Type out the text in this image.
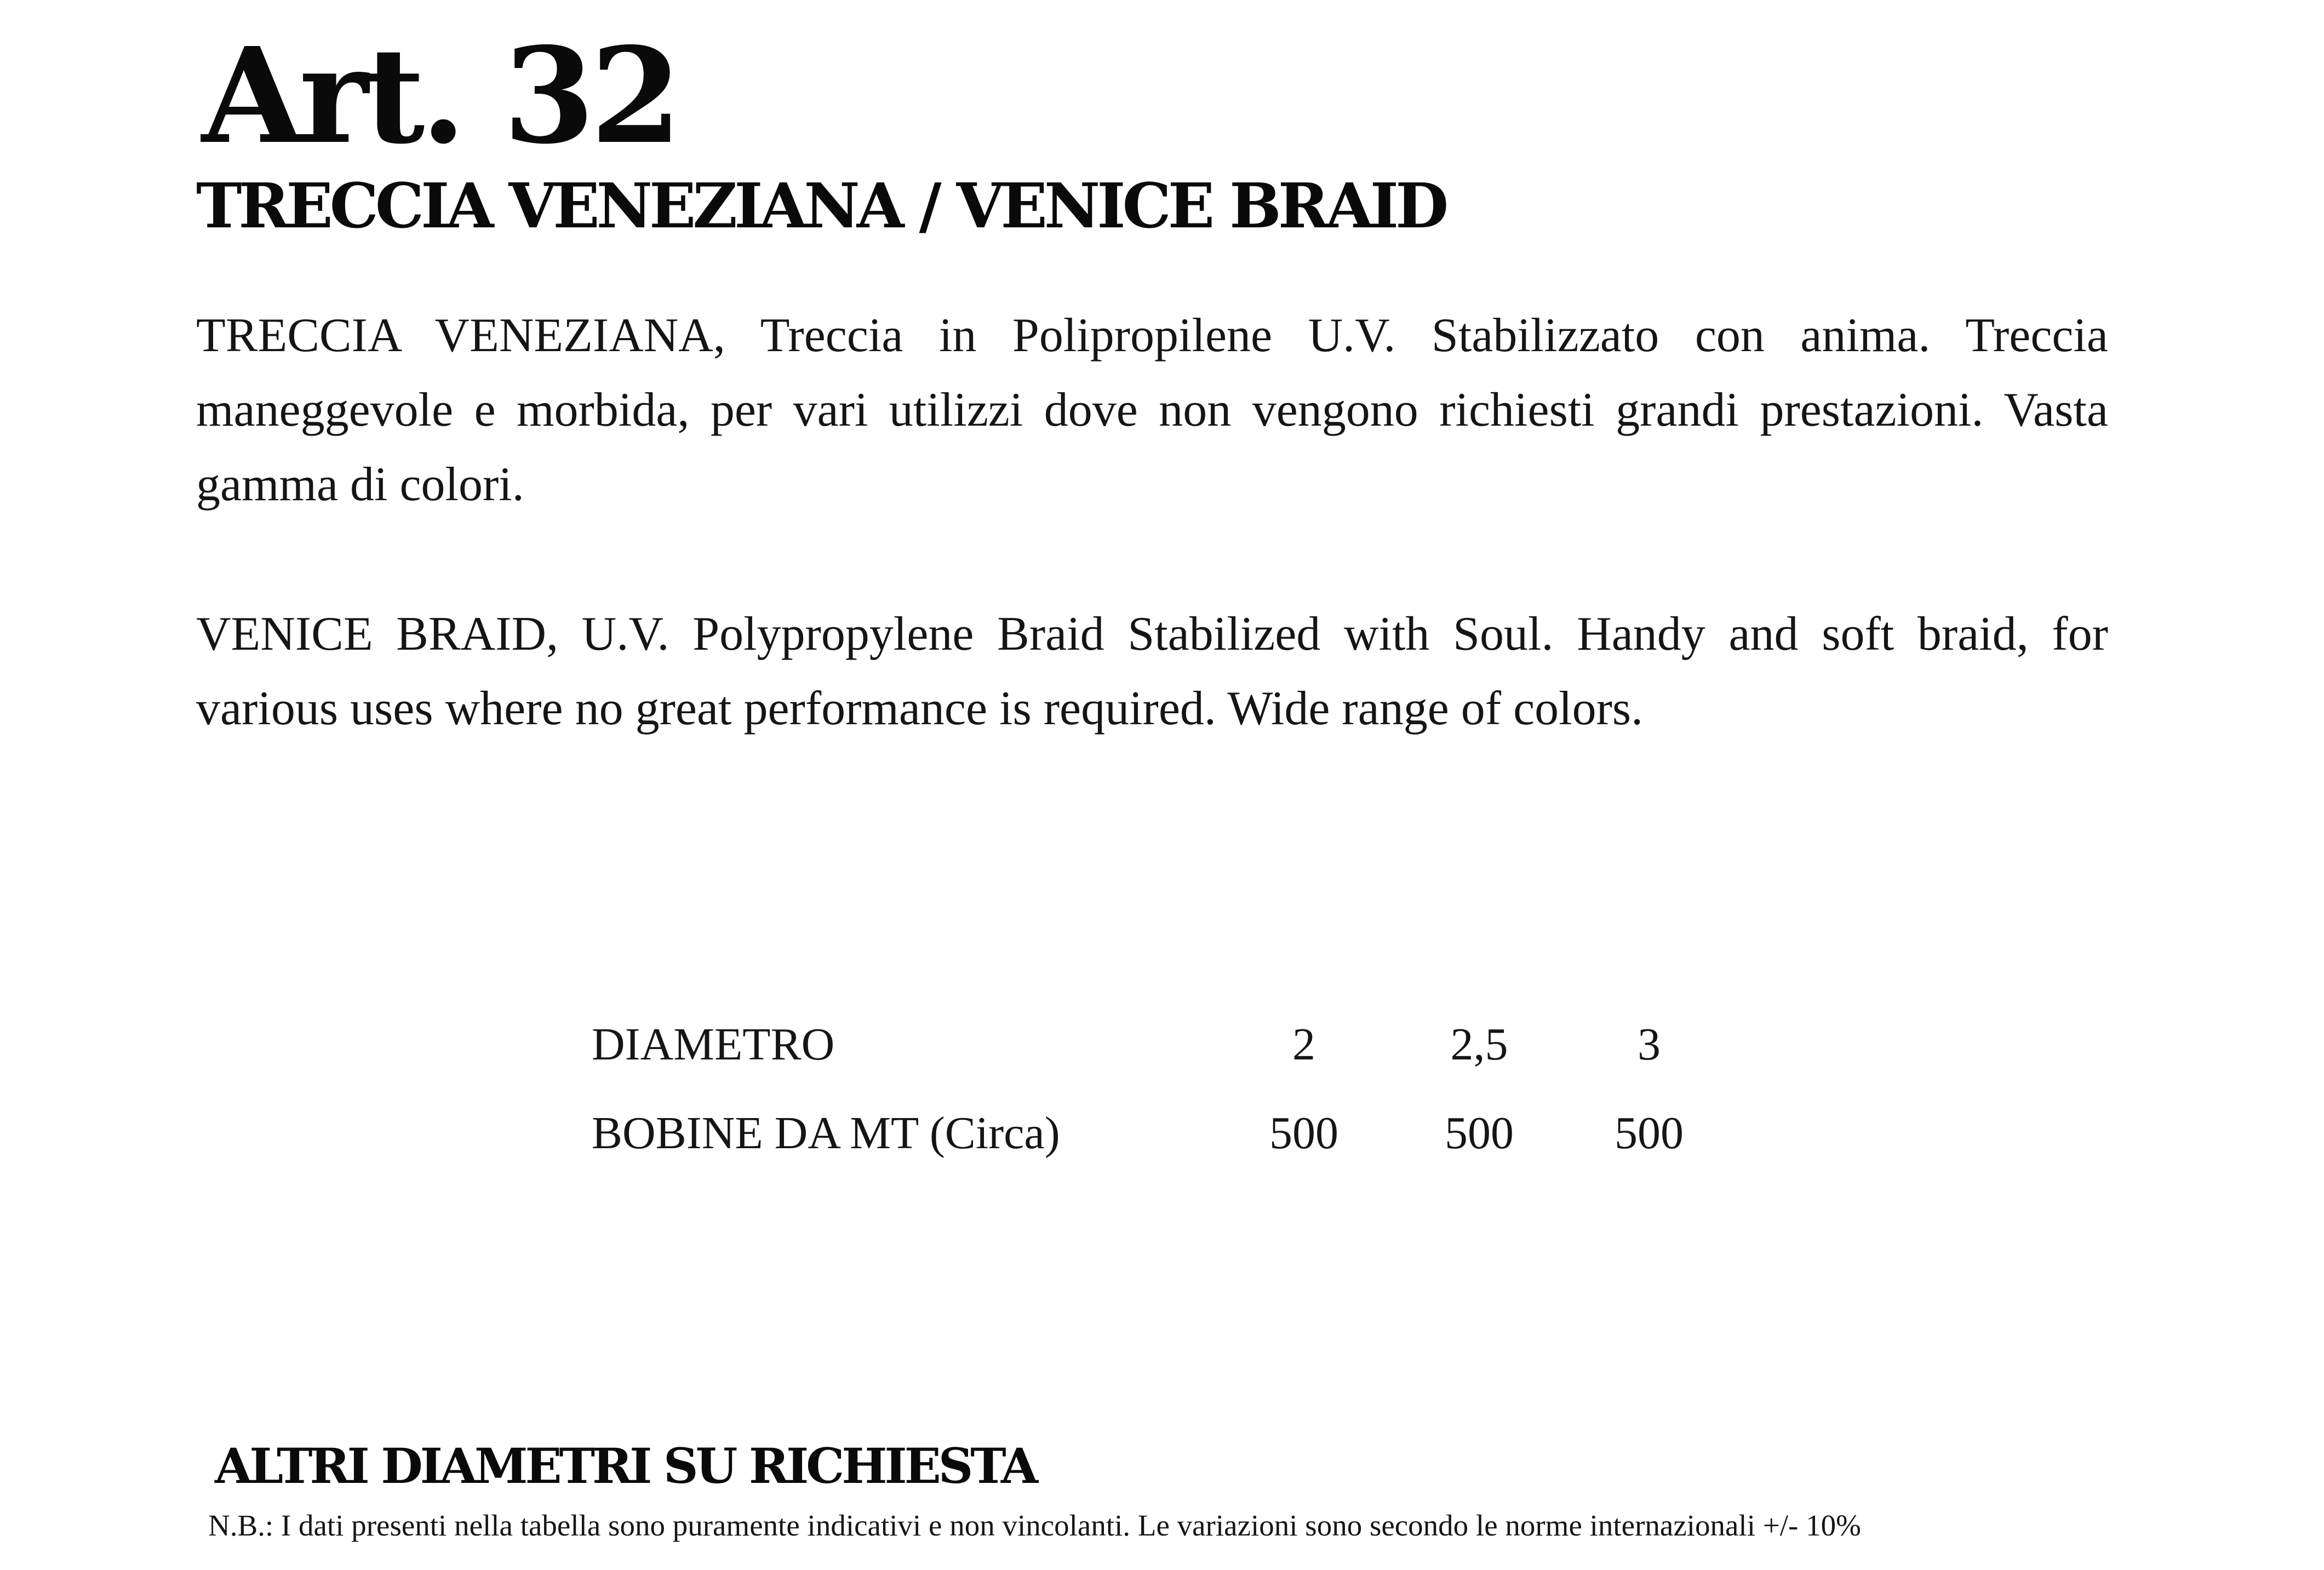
Art. 32
TRECCIA VENEZIANA / VENICE BRAID

TRECCIA VENEZIANA, Treccia in Polipropilene U.V. Stabilizzato con anima. Treccia maneggevole e morbida, per vari utilizzi dove non vengono richiesti grandi prestazioni. Vasta gamma di colori.

VENICE BRAID, U.V. Polypropylene Braid Stabilized with Soul. Handy and soft braid, for various uses where no great performance is required. Wide range of colors.

DIAMETRO	2	2,5	3
BOBINE DA MT (Circa)	500	500	500
ALTRI DIAMETRI SU RICHIESTA

N.B.: I dati presenti nella tabella sono puramente indicativi e non vincolanti. Le variazioni sono secondo le norme internazionali +/- 10%
